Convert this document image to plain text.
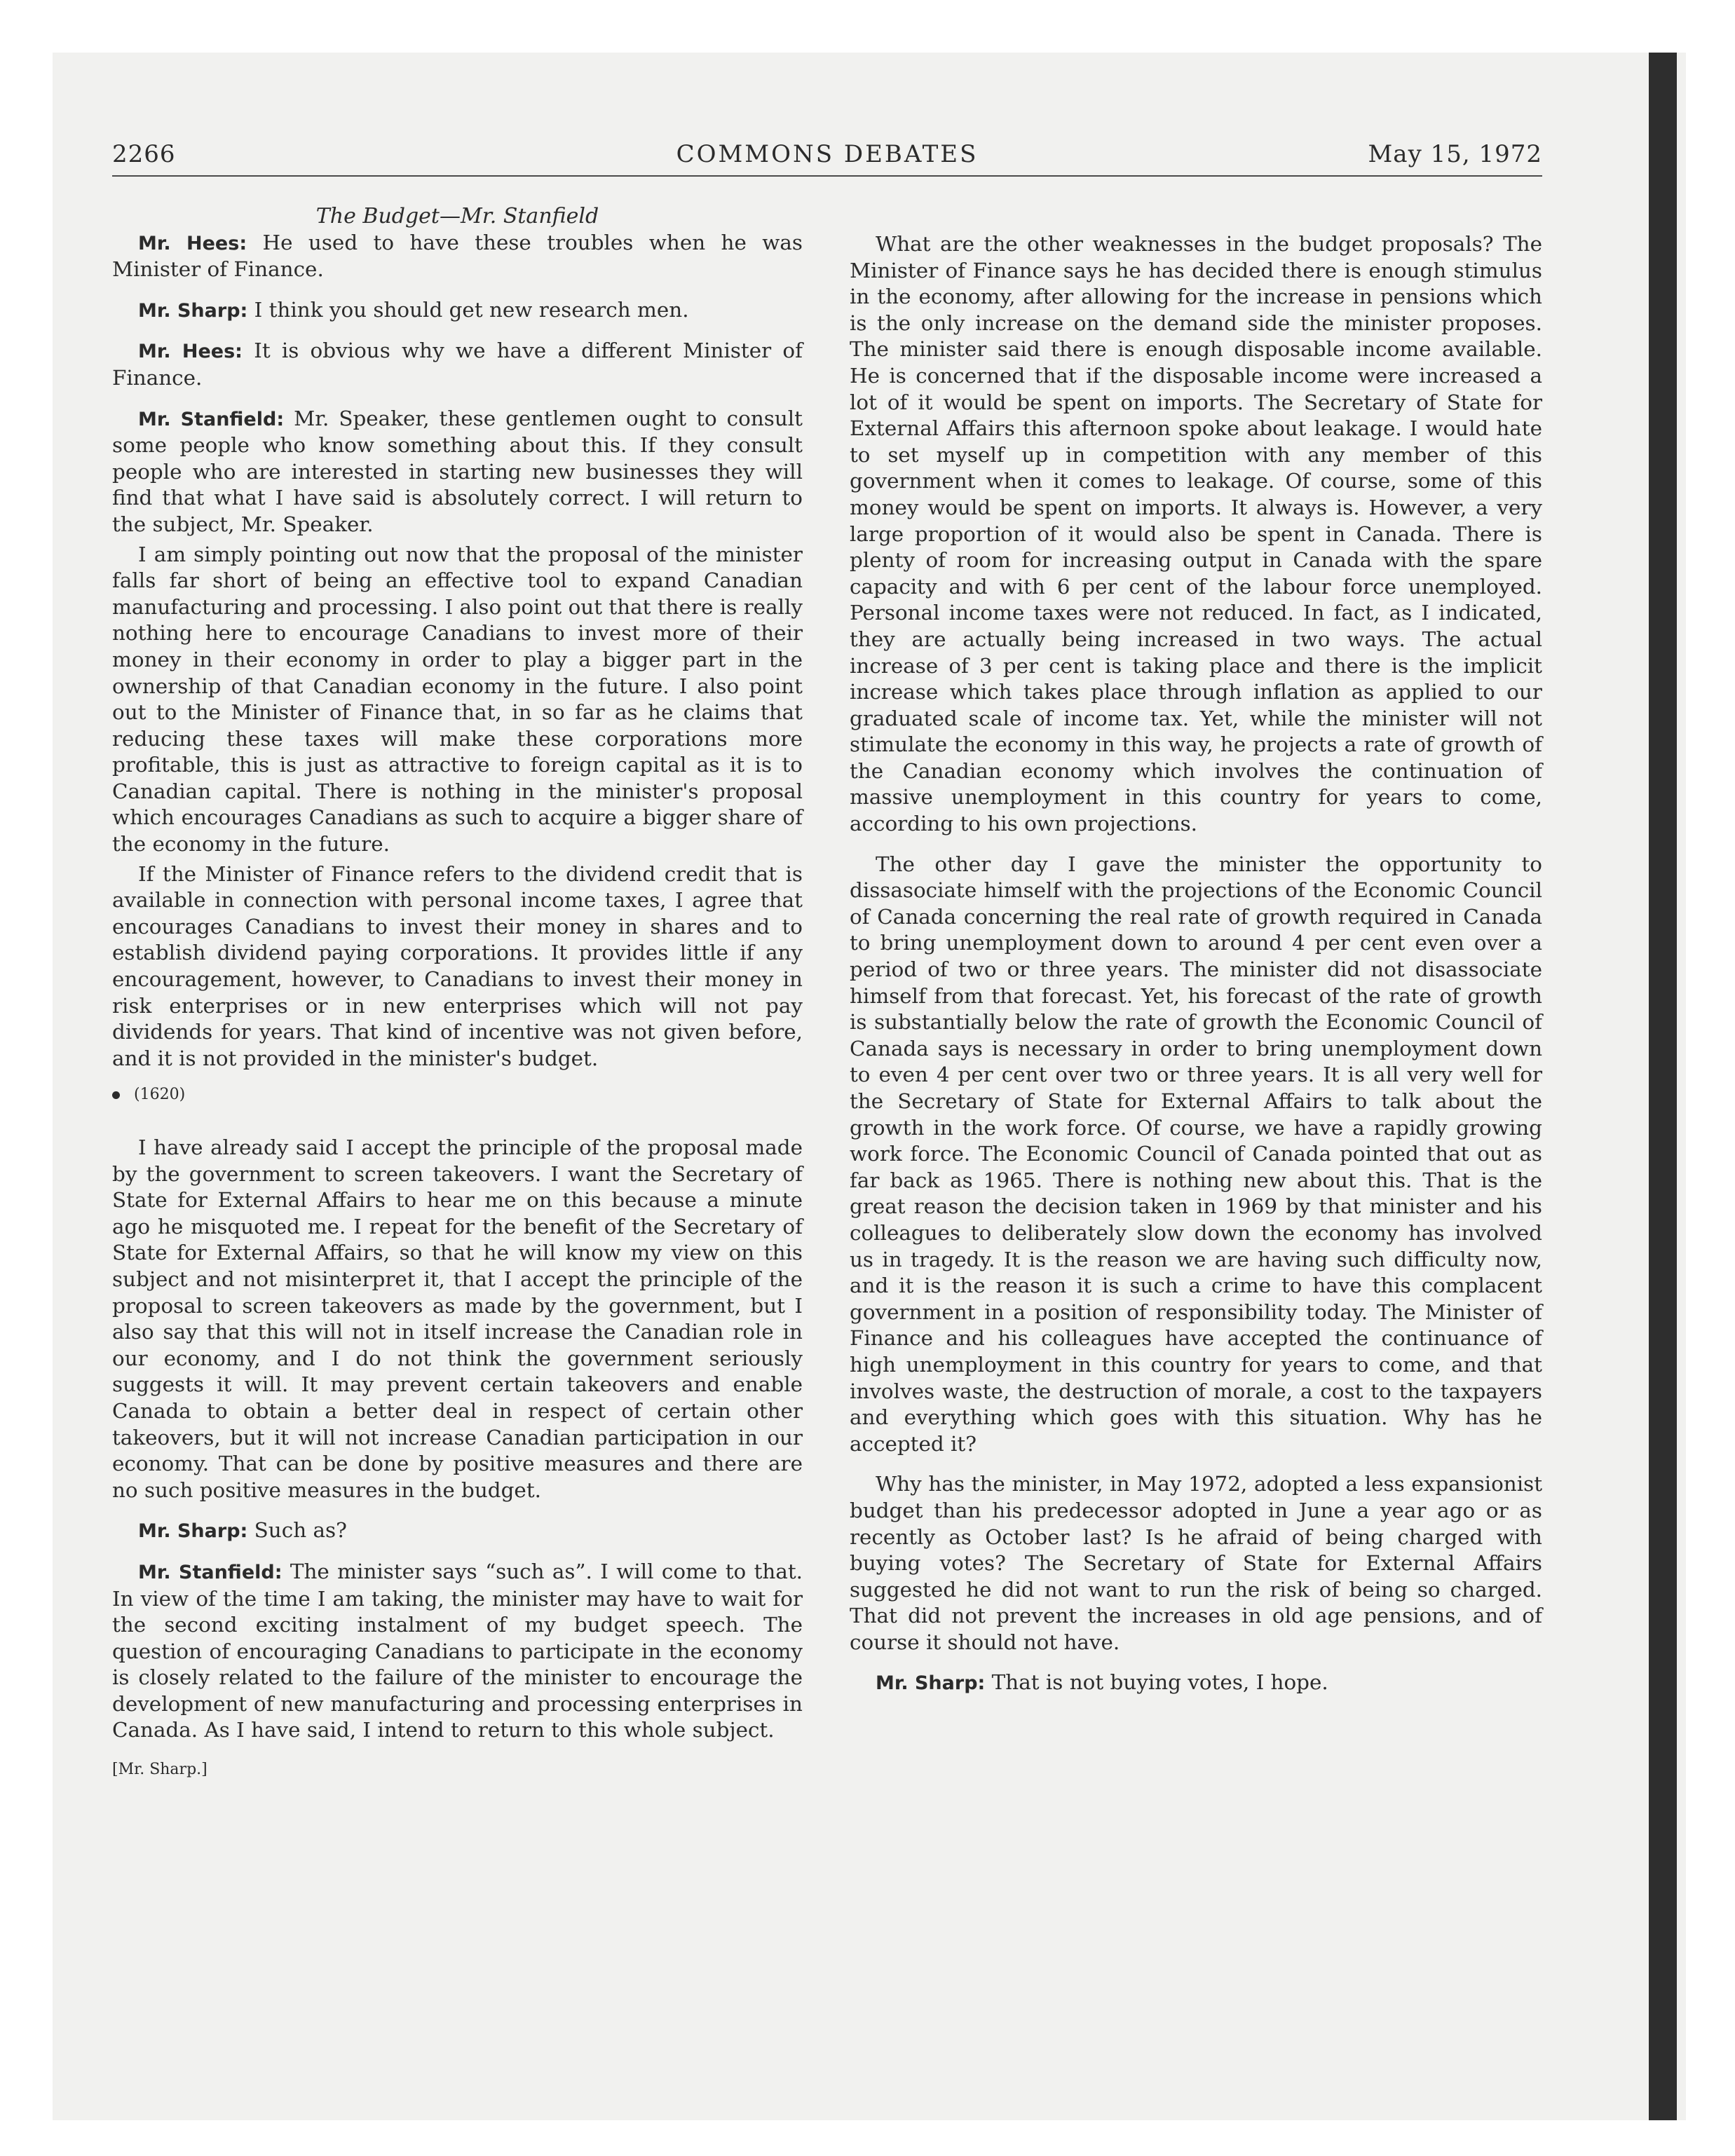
2266	COMMONS DEBATES	May 15, 1972
The Budget—Mr. Stanfield

Mr. Hees: He used to have these troubles when he was Minister of Finance.

Mr. Sharp: I think you should get new research men.

Mr. Hees: It is obvious why we have a different Minister of Finance.

Mr. Stanfield: Mr. Speaker, these gentlemen ought to consult some people who know something about this. If they consult people who are interested in starting new businesses they will find that what I have said is absolutely correct. I will return to the subject, Mr. Speaker.

I am simply pointing out now that the proposal of the minister falls far short of being an effective tool to expand Canadian manufacturing and processing. I also point out that there is really nothing here to encourage Canadians to invest more of their money in their economy in order to play a bigger part in the ownership of that Canadian economy in the future. I also point out to the Minister of Finance that, in so far as he claims that reducing these taxes will make these corporations more profitable, this is just as attractive to foreign capital as it is to Canadian capital. There is nothing in the minister's proposal which encourages Canadians as such to acquire a bigger share of the economy in the future.

If the Minister of Finance refers to the dividend credit that is available in connection with personal income taxes, I agree that encourages Canadians to invest their money in shares and to establish dividend paying corporations. It provides little if any encouragement, however, to Canadians to invest their money in risk enterprises or in new enterprises which will not pay dividends for years. That kind of incentive was not given before, and it is not provided in the minister's budget.

(1620)

I have already said I accept the principle of the proposal made by the government to screen takeovers. I want the Secretary of State for External Affairs to hear me on this because a minute ago he misquoted me. I repeat for the benefit of the Secretary of State for External Affairs, so that he will know my view on this subject and not misinterpret it, that I accept the principle of the proposal to screen takeovers as made by the government, but I also say that this will not in itself increase the Canadian role in our economy, and I do not think the government seriously suggests it will. It may prevent certain takeovers and enable Canada to obtain a better deal in respect of certain other takeovers, but it will not increase Canadian participation in our economy. That can be done by positive measures and there are no such positive measures in the budget.

Mr. Sharp: Such as?

Mr. Stanfield: The minister says “such as”. I will come to that. In view of the time I am taking, the minister may have to wait for the second exciting instalment of my budget speech. The question of encouraging Canadians to participate in the economy is closely related to the failure of the minister to encourage the development of new manufacturing and processing enterprises in Canada. As I have said, I intend to return to this whole subject.

[Mr. Sharp.]

What are the other weaknesses in the budget proposals? The Minister of Finance says he has decided there is enough stimulus in the economy, after allowing for the increase in pensions which is the only increase on the demand side the minister proposes. The minister said there is enough disposable income available. He is concerned that if the disposable income were increased a lot of it would be spent on imports. The Secretary of State for External Affairs this afternoon spoke about leakage. I would hate to set myself up in competition with any member of this government when it comes to leakage. Of course, some of this money would be spent on imports. It always is. However, a very large proportion of it would also be spent in Canada. There is plenty of room for increasing output in Canada with the spare capacity and with 6 per cent of the labour force unemployed. Personal income taxes were not reduced. In fact, as I indicated, they are actually being increased in two ways. The actual increase of 3 per cent is taking place and there is the implicit increase which takes place through inflation as applied to our graduated scale of income tax. Yet, while the minister will not stimulate the economy in this way, he projects a rate of growth of the Canadian economy which involves the continuation of massive unemployment in this country for years to come, according to his own projections.

The other day I gave the minister the opportunity to dissasociate himself with the projections of the Economic Council of Canada concerning the real rate of growth required in Canada to bring unemployment down to around 4 per cent even over a period of two or three years. The minister did not disassociate himself from that forecast. Yet, his forecast of the rate of growth is substantially below the rate of growth the Economic Council of Canada says is necessary in order to bring unemployment down to even 4 per cent over two or three years. It is all very well for the Secretary of State for External Affairs to talk about the growth in the work force. Of course, we have a rapidly growing work force. The Economic Council of Canada pointed that out as far back as 1965. There is nothing new about this. That is the great reason the decision taken in 1969 by that minister and his colleagues to deliberately slow down the economy has involved us in tragedy. It is the reason we are having such difficulty now, and it is the reason it is such a crime to have this complacent government in a position of responsibility today. The Minister of Finance and his colleagues have accepted the continuance of high unemployment in this country for years to come, and that involves waste, the destruction of morale, a cost to the taxpayers and everything which goes with this situation. Why has he accepted it?

Why has the minister, in May 1972, adopted a less expansionist budget than his predecessor adopted in June a year ago or as recently as October last? Is he afraid of being charged with buying votes? The Secretary of State for External Affairs suggested he did not want to run the risk of being so charged. That did not prevent the increases in old age pensions, and of course it should not have.

Mr. Sharp: That is not buying votes, I hope.
